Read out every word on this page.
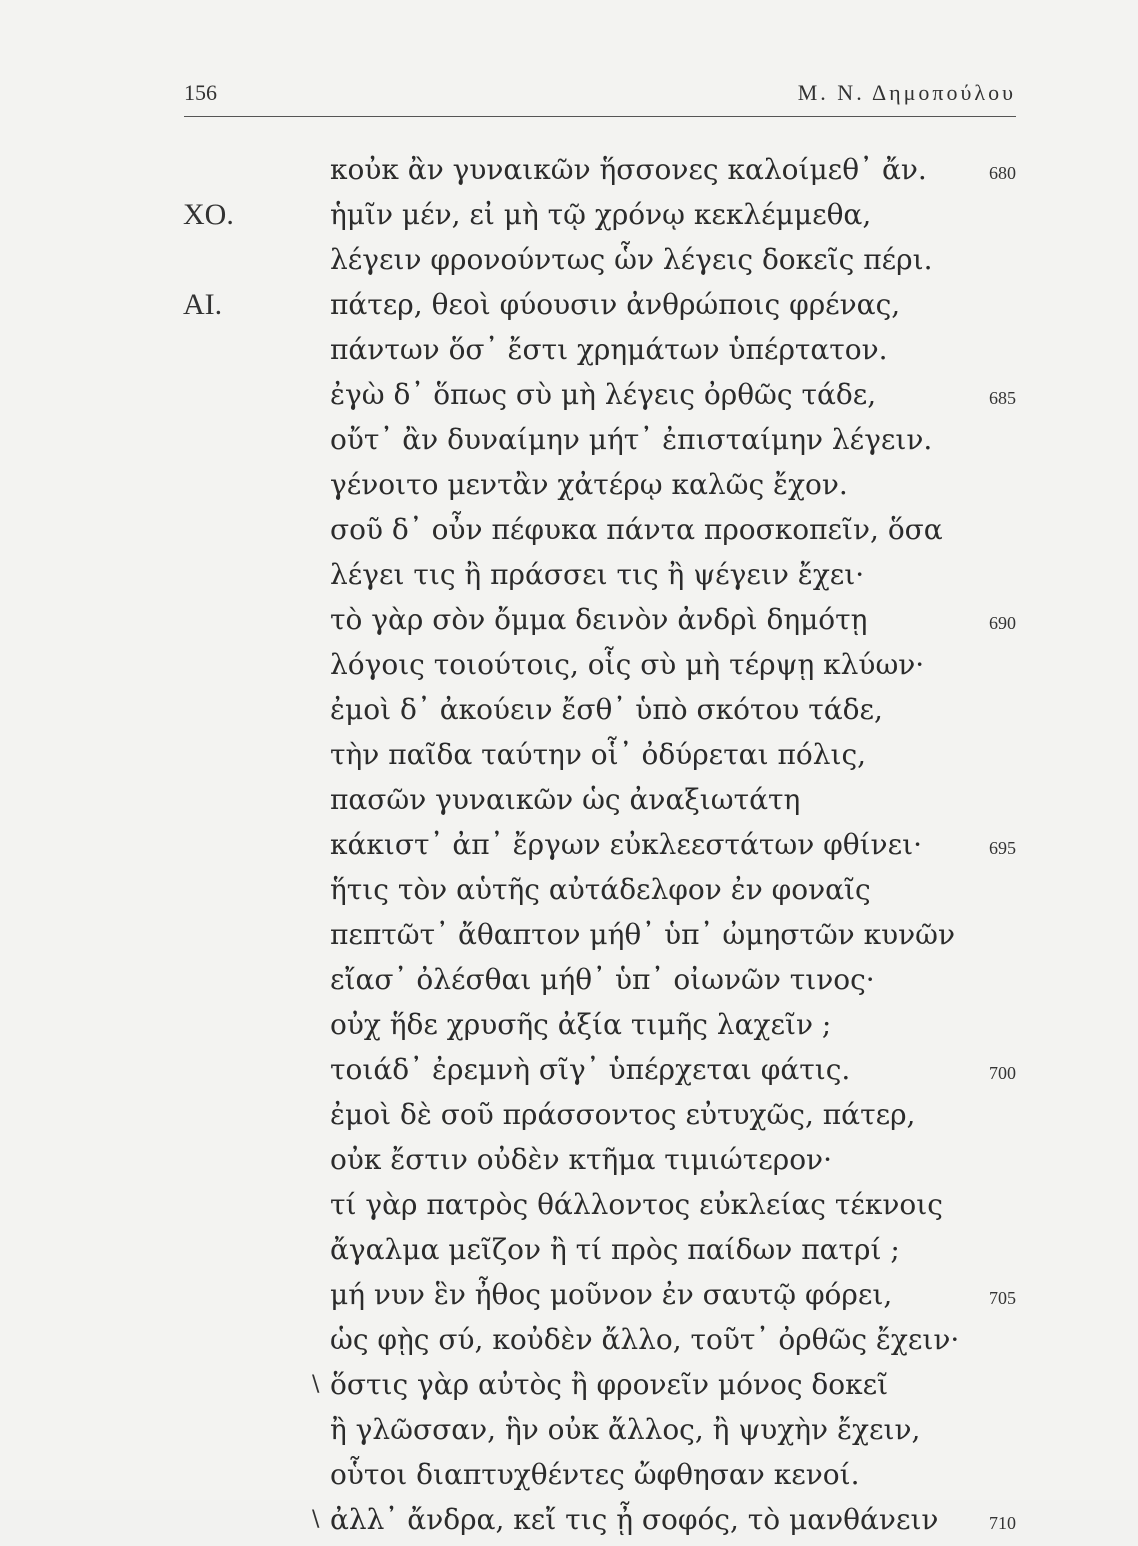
156	Μ. Ν. Δημοπούλου
κοὐκ ἂν γυναικῶν ἥσσονες καλοίμεθ᾽ ἄν.	680
ΧΟ.	ἡμῖν μέν, εἰ μὴ τῷ χρόνῳ κεκλέμμεθα,
λέγειν φρονούντως ὧν λέγεις δοκεῖς πέρι.
ΑΙ.	πάτερ, θεοὶ φύουσιν ἀνθρώποις φρένας,
πάντων ὅσ᾽ ἔστι χρημάτων ὑπέρτατον.
ἐγὼ δ᾽ ὅπως σὺ μὴ λέγεις ὀρθῶς τάδε,	685
οὔτ᾽ ἂν δυναίμην μήτ᾽ ἐπισταίμην λέγειν.
γένοιτο μεντἂν χἀτέρῳ καλῶς ἔχον.
σοῦ δ᾽ οὖν πέφυκα πάντα προσκοπεῖν, ὅσα
λέγει τις ἢ πράσσει τις ἢ ψέγειν ἔχει·
τὸ γὰρ σὸν ὄμμα δεινὸν ἀνδρὶ δημότῃ	690
λόγοις τοιούτοις, οἷς σὺ μὴ τέρψῃ κλύων·
ἐμοὶ δ᾽ ἀκούειν ἔσθ᾽ ὑπὸ σκότου τάδε,
τὴν παῖδα ταύτην οἷ᾽ ὀδύρεται πόλις,
πασῶν γυναικῶν ὡς ἀναξιωτάτη
κάκιστ᾽ ἀπ᾽ ἔργων εὐκλεεστάτων φθίνει·	695
ἥτις τὸν αὑτῆς αὐτάδελφον ἐν φοναῖς
πεπτῶτ᾽ ἄθαπτον μήθ᾽ ὑπ᾽ ὠμηστῶν κυνῶν
εἴασ᾽ ὀλέσθαι μήθ᾽ ὑπ᾽ οἰωνῶν τινος·
οὐχ ἥδε χρυσῆς ἀξία τιμῆς λαχεῖν ;
τοιάδ᾽ ἐρεμνὴ σῖγ᾽ ὑπέρχεται φάτις.	700
ἐμοὶ δὲ σοῦ πράσσοντος εὐτυχῶς, πάτερ,
οὐκ ἔστιν οὐδὲν κτῆμα τιμιώτερον·
τί γὰρ πατρὸς θάλλοντος εὐκλείας τέκνοις
ἄγαλμα μεῖζον ἢ τί πρὸς παίδων πατρί ;
μή νυν ἓν ἦθος μοῦνον ἐν σαυτῷ φόρει,	705
ὡς φῂς σύ, κοὐδὲν ἄλλο, τοῦτ᾽ ὀρθῶς ἔχειν·
\ ὅστις γὰρ αὐτὸς ἢ φρονεῖν μόνος δοκεῖ
ἢ γλῶσσαν, ἣν οὐκ ἄλλος, ἢ ψυχὴν ἔχειν,
οὗτοι διαπτυχθέντες ὤφθησαν κενοί.
\ ἀλλ᾽ ἄνδρα, κεἴ τις ᾖ σοφός, τὸ μανθάνειν	710
